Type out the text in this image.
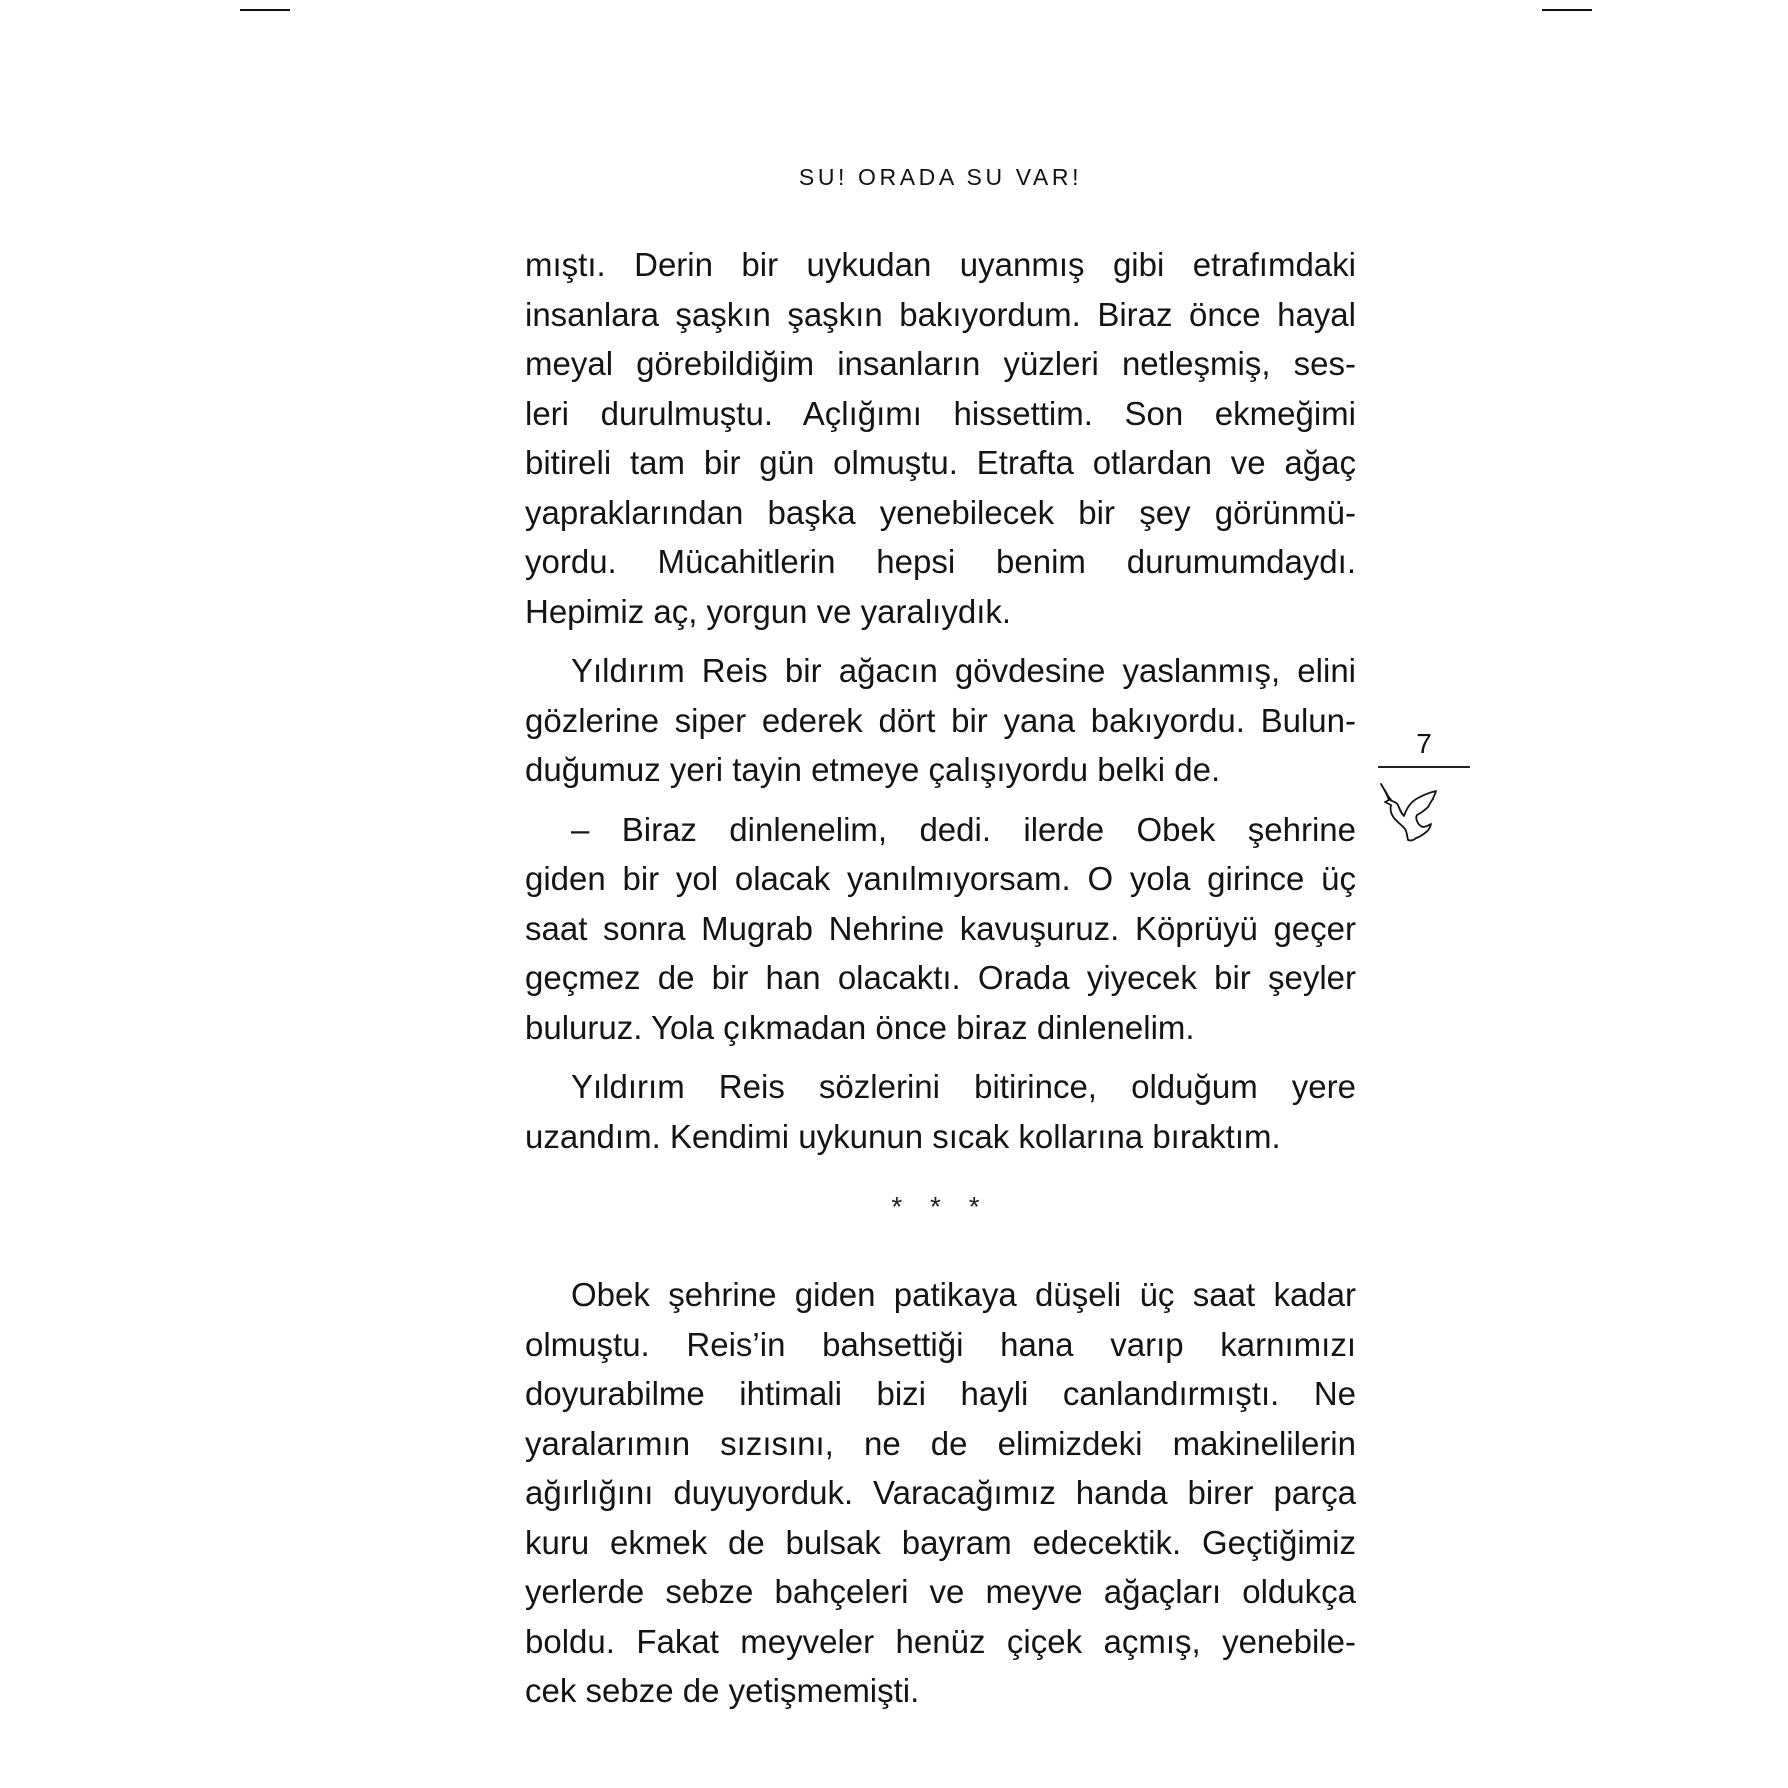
SU! ORADA SU VAR!
mıştı. Derin bir uykudan uyanmış gibi etrafımdaki
insanlara şaşkın şaşkın bakıyordum. Biraz önce hayal
meyal görebildiğim insanların yüzleri netleşmiş, ses-
leri durulmuştu. Açlığımı hissettim. Son ekmeğimi
bitireli tam bir gün olmuştu. Etrafta otlardan ve ağaç
yapraklarından başka yenebilecek bir şey görünmü-
yordu. Mücahitlerin hepsi benim durumumdaydı.
Hepimiz aç, yorgun ve yaralıydık.
Yıldırım Reis bir ağacın gövdesine yaslanmış, elini
gözlerine siper ederek dört bir yana bakıyordu. Bulun-
duğumuz yeri tayin etmeye çalışıyordu belki de.
– Biraz dinlenelim, dedi. ilerde Obek şehrine
giden bir yol olacak yanılmıyorsam. O yola girince üç
saat sonra Mugrab Nehrine kavuşuruz. Köprüyü geçer
geçmez de bir han olacaktı. Orada yiyecek bir şeyler
buluruz. Yola çıkmadan önce biraz dinlenelim.
Yıldırım Reis sözlerini bitirince, olduğum yere
uzandım. Kendimi uykunun sıcak kollarına bıraktım.
* * *
Obek şehrine giden patikaya düşeli üç saat kadar
olmuştu. Reis’in bahsettiği hana varıp karnımızı
doyurabilme ihtimali bizi hayli canlandırmıştı. Ne
yaralarımın sızısını, ne de elimizdeki makinelilerin
ağırlığını duyuyorduk. Varacağımız handa birer parça
kuru ekmek de bulsak bayram edecektik. Geçtiğimiz
yerlerde sebze bahçeleri ve meyve ağaçları oldukça
boldu. Fakat meyveler henüz çiçek açmış, yenebile-
cek sebze de yetişmemişti.
7
